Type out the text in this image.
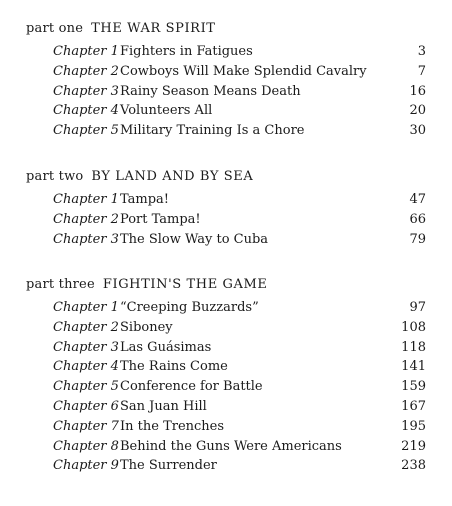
part one THE WAR SPIRIT
Chapter 1 Fighters in Fatigues	3
Chapter 2 Cowboys Will Make Splendid Cavalry	7
Chapter 3 Rainy Season Means Death	16
Chapter 4 Volunteers All	20
Chapter 5 Military Training Is a Chore	30
part two BY LAND AND BY SEA
Chapter 1 Tampa!	47
Chapter 2 Port Tampa!	66
Chapter 3 The Slow Way to Cuba	79
part three FIGHTIN'S THE GAME
Chapter 1 “Creeping Buzzards”	97
Chapter 2 Siboney	108
Chapter 3 Las Guásimas	118
Chapter 4 The Rains Come	141
Chapter 5 Conference for Battle	159
Chapter 6 San Juan Hill	167
Chapter 7 In the Trenches	195
Chapter 8 Behind the Guns Were Americans	219
Chapter 9 The Surrender	238
